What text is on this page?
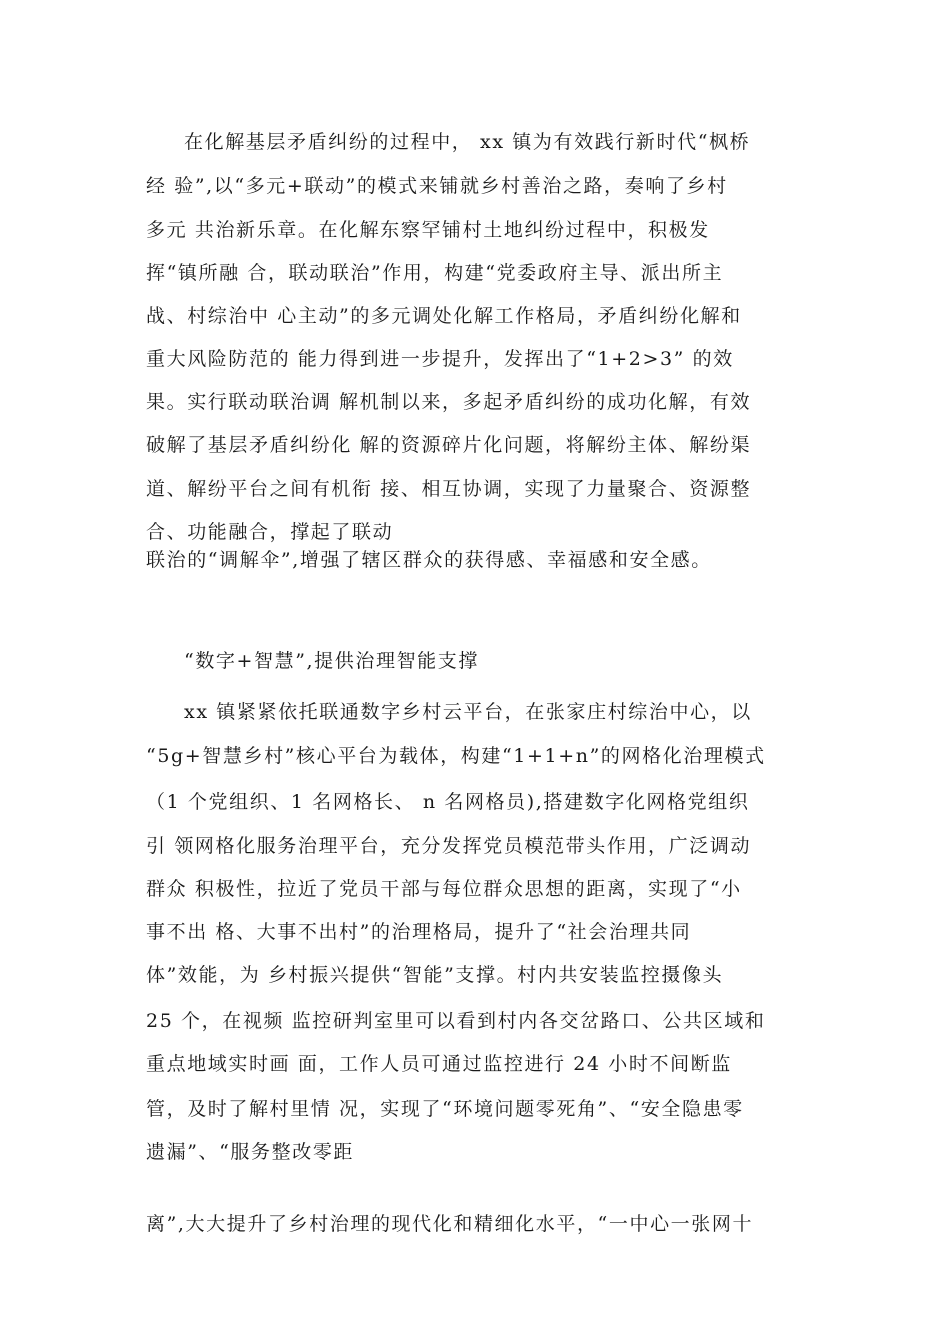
在化解基层矛盾纠纷的过程中， xx 镇为有效践行新时代“枫桥
经 验”,以“多元+联动”的模式来铺就乡村善治之路，奏响了乡村
多元 共治新乐章。在化解东察罕铺村土地纠纷过程中，积极发
挥“镇所融 合，联动联治”作用，构建“党委政府主导、派出所主
战、村综治中 心主动”的多元调处化解工作格局，矛盾纠纷化解和
重大风险防范的 能力得到进一步提升，发挥出了“1+2>3” 的效
果。实行联动联治调 解机制以来，多起矛盾纠纷的成功化解，有效
破解了基层矛盾纠纷化 解的资源碎片化问题，将解纷主体、解纷渠
道、解纷平台之间有机衔 接、相互协调，实现了力量聚合、资源整
合、功能融合，撑起了联动
联治的“调解伞”,增强了辖区群众的获得感、幸福感和安全感。
“数字+智慧”,提供治理智能支撑
xx 镇紧紧依托联通数字乡村云平台，在张家庄村综治中心，以
“5g+智慧乡村”核心平台为载体，构建“1+1+n”的网格化治理模式
（1 个党组织、1 名网格长、 n 名网格员),搭建数字化网格党组织
引 领网格化服务治理平台，充分发挥党员模范带头作用，广泛调动
群众 积极性，拉近了党员干部与每位群众思想的距离，实现了“小
事不出 格、大事不出村”的治理格局，提升了“社会治理共同
体”效能，为 乡村振兴提供“智能”支撑。村内共安装监控摄像头
25 个，在视频 监控研判室里可以看到村内各交岔路口、公共区域和
重点地域实时画 面，工作人员可通过监控进行 24 小时不间断监
管，及时了解村里情 况，实现了“环境问题零死角”、“安全隐患零
遗漏”、“服务整改零距
离”,大大提升了乡村治理的现代化和精细化水平，“一中心一张网十
